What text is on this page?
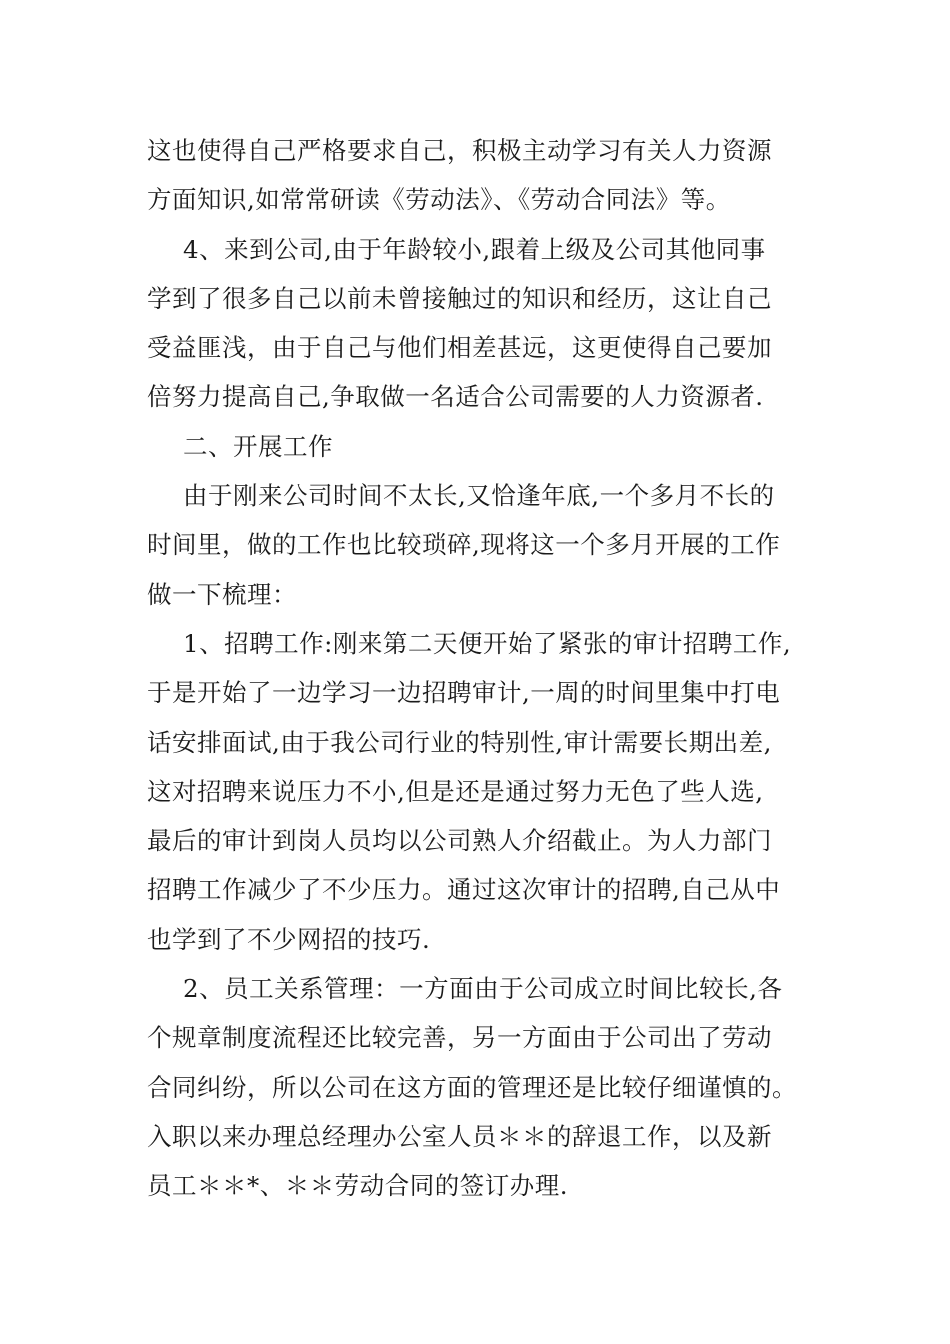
这也使得自己严格要求自己，积极主动学习有关人力资源
方面知识,如常常研读《劳动法》、《劳动合同法》等。
4、来到公司,由于年龄较小,跟着上级及公司其他同事
学到了很多自己以前未曾接触过的知识和经历，这让自己
受益匪浅，由于自己与他们相差甚远，这更使得自己要加
倍努力提高自己,争取做一名适合公司需要的人力资源者.
二、开展工作
由于刚来公司时间不太长,又恰逢年底,一个多月不长的
时间里，做的工作也比较琐碎,现将这一个多月开展的工作
做一下梳理：
1、招聘工作:刚来第二天便开始了紧张的审计招聘工作,
于是开始了一边学习一边招聘审计,一周的时间里集中打电
话安排面试,由于我公司行业的特别性,审计需要长期出差,
这对招聘来说压力不小,但是还是通过努力无色了些人选,
最后的审计到岗人员均以公司熟人介绍截止。为人力部门
招聘工作减少了不少压力。通过这次审计的招聘,自己从中
也学到了不少网招的技巧.
2、员工关系管理：一方面由于公司成立时间比较长,各
个规章制度流程还比较完善，另一方面由于公司出了劳动
合同纠纷，所以公司在这方面的管理还是比较仔细谨慎的。
入职以来办理总经理办公室人员＊＊的辞退工作，以及新
员工＊＊*、＊＊劳动合同的签订办理.
